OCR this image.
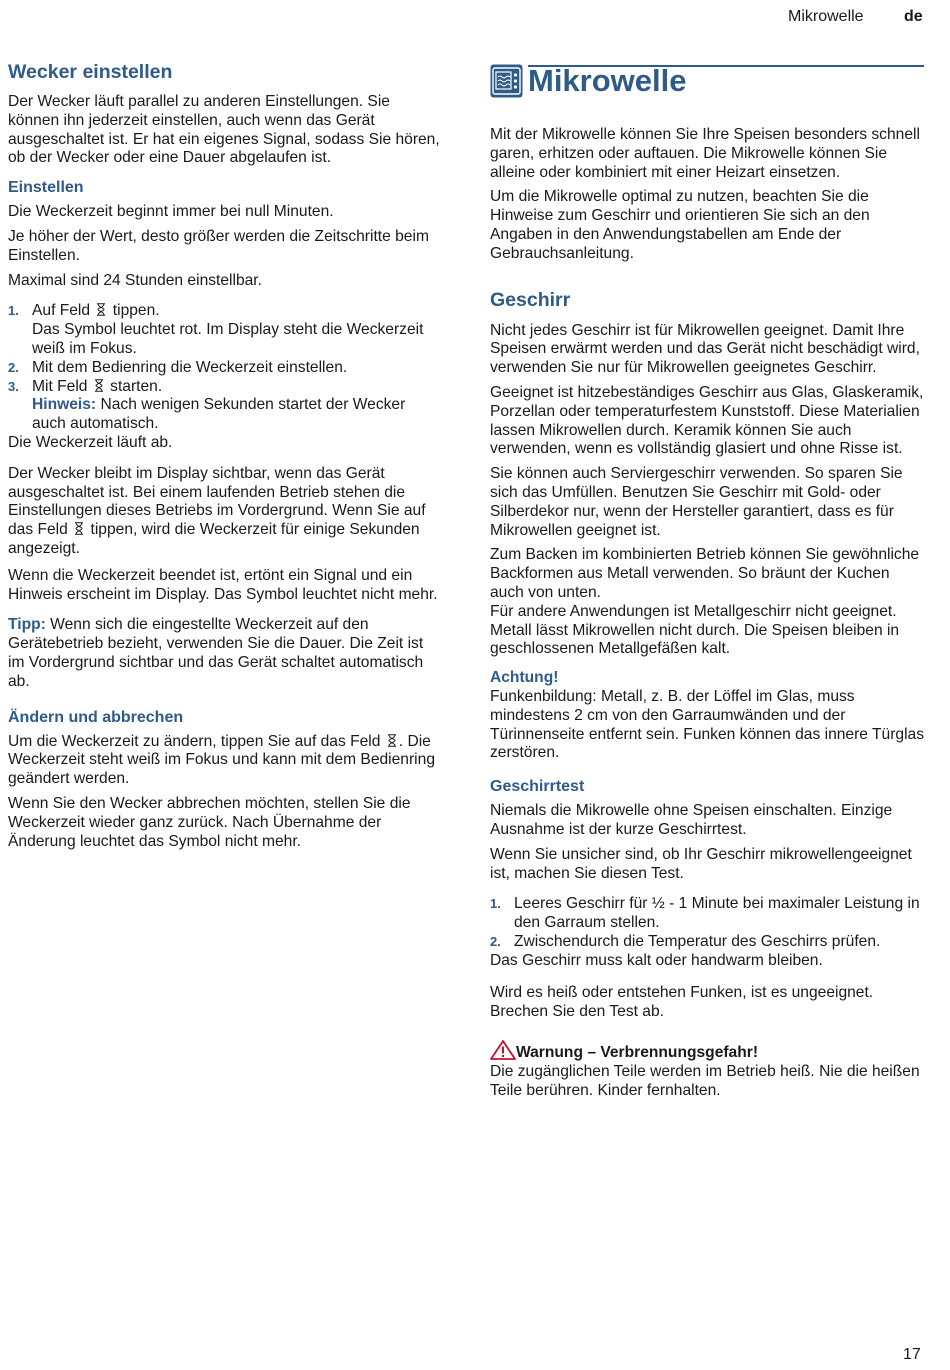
Mikrowelle	de
Wecker einstellen

Der Wecker läuft parallel zu anderen Einstellungen. Sie können ihn jederzeit einstellen, auch wenn das Gerät ausgeschaltet ist. Er hat ein eigenes Signal, sodass Sie hören, ob der Wecker oder eine Dauer abgelaufen ist.

Einstellen

Die Weckerzeit beginnt immer bei null Minuten.

Je höher der Wert, desto größer werden die Zeitschritte beim Einstellen.

Maximal sind 24 Stunden einstellbar.

1. Auf Feld tippen.
Das Symbol leuchtet rot. Im Display steht die Weckerzeit weiß im Fokus.
2. Mit dem Bedienring die Weckerzeit einstellen.
3. Mit Feld starten.
Hinweis: Nach wenigen Sekunden startet der Wecker auch automatisch.

Die Weckerzeit läuft ab.

Der Wecker bleibt im Display sichtbar, wenn das Gerät ausgeschaltet ist. Bei einem laufenden Betrieb stehen die Einstellungen dieses Betriebs im Vordergrund. Wenn Sie auf das Feld tippen, wird die Weckerzeit für einige Sekunden angezeigt.

Wenn die Weckerzeit beendet ist, ertönt ein Signal und ein Hinweis erscheint im Display. Das Symbol leuchtet nicht mehr.

Tipp: Wenn sich die eingestellte Weckerzeit auf den Gerätebetrieb bezieht, verwenden Sie die Dauer. Die Zeit ist im Vordergrund sichtbar und das Gerät schaltet automatisch ab.

Ändern und abbrechen

Um die Weckerzeit zu ändern, tippen Sie auf das Feld . Die Weckerzeit steht weiß im Fokus und kann mit dem Bedienring geändert werden.

Wenn Sie den Wecker abbrechen möchten, stellen Sie die Weckerzeit wieder ganz zurück. Nach Übernahme der Änderung leuchtet das Symbol nicht mehr.

Mikrowelle

Mit der Mikrowelle können Sie Ihre Speisen besonders schnell garen, erhitzen oder auftauen. Die Mikrowelle können Sie alleine oder kombiniert mit einer Heizart einsetzen.

Um die Mikrowelle optimal zu nutzen, beachten Sie die Hinweise zum Geschirr und orientieren Sie sich an den Angaben in den Anwendungstabellen am Ende der Gebrauchsanleitung.

Geschirr

Nicht jedes Geschirr ist für Mikrowellen geeignet. Damit Ihre Speisen erwärmt werden und das Gerät nicht beschädigt wird, verwenden Sie nur für Mikrowellen geeignetes Geschirr.

Geeignet ist hitzebeständiges Geschirr aus Glas, Glaskeramik, Porzellan oder temperaturfestem Kunststoff. Diese Materialien lassen Mikrowellen durch. Keramik können Sie auch verwenden, wenn es vollständig glasiert und ohne Risse ist.

Sie können auch Serviergeschirr verwenden. So sparen Sie sich das Umfüllen. Benutzen Sie Geschirr mit Gold- oder Silberdekor nur, wenn der Hersteller garantiert, dass es für Mikrowellen geeignet ist.

Zum Backen im kombinierten Betrieb können Sie gewöhnliche Backformen aus Metall verwenden. So bräunt der Kuchen auch von unten.
Für andere Anwendungen ist Metallgeschirr nicht geeignet. Metall lässt Mikrowellen nicht durch. Die Speisen bleiben in geschlossenen Metallgefäßen kalt.

Achtung!
Funkenbildung: Metall, z. B. der Löffel im Glas, muss mindestens 2 cm von den Garraumwänden und der Türinnenseite entfernt sein. Funken können das innere Türglas zerstören.
Geschirrtest

Niemals die Mikrowelle ohne Speisen einschalten. Einzige Ausnahme ist der kurze Geschirrtest.

Wenn Sie unsicher sind, ob Ihr Geschirr mikrowellengeeignet ist, machen Sie diesen Test.

1. Leeres Geschirr für ½ - 1 Minute bei maximaler Leistung in den Garraum stellen.
2. Zwischendurch die Temperatur des Geschirrs prüfen.

Das Geschirr muss kalt oder handwarm bleiben.

Wird es heiß oder entstehen Funken, ist es ungeeignet. Brechen Sie den Test ab.

Warnung – Verbrennungsgefahr!
Die zugänglichen Teile werden im Betrieb heiß. Nie die heißen Teile berühren. Kinder fernhalten.
17
